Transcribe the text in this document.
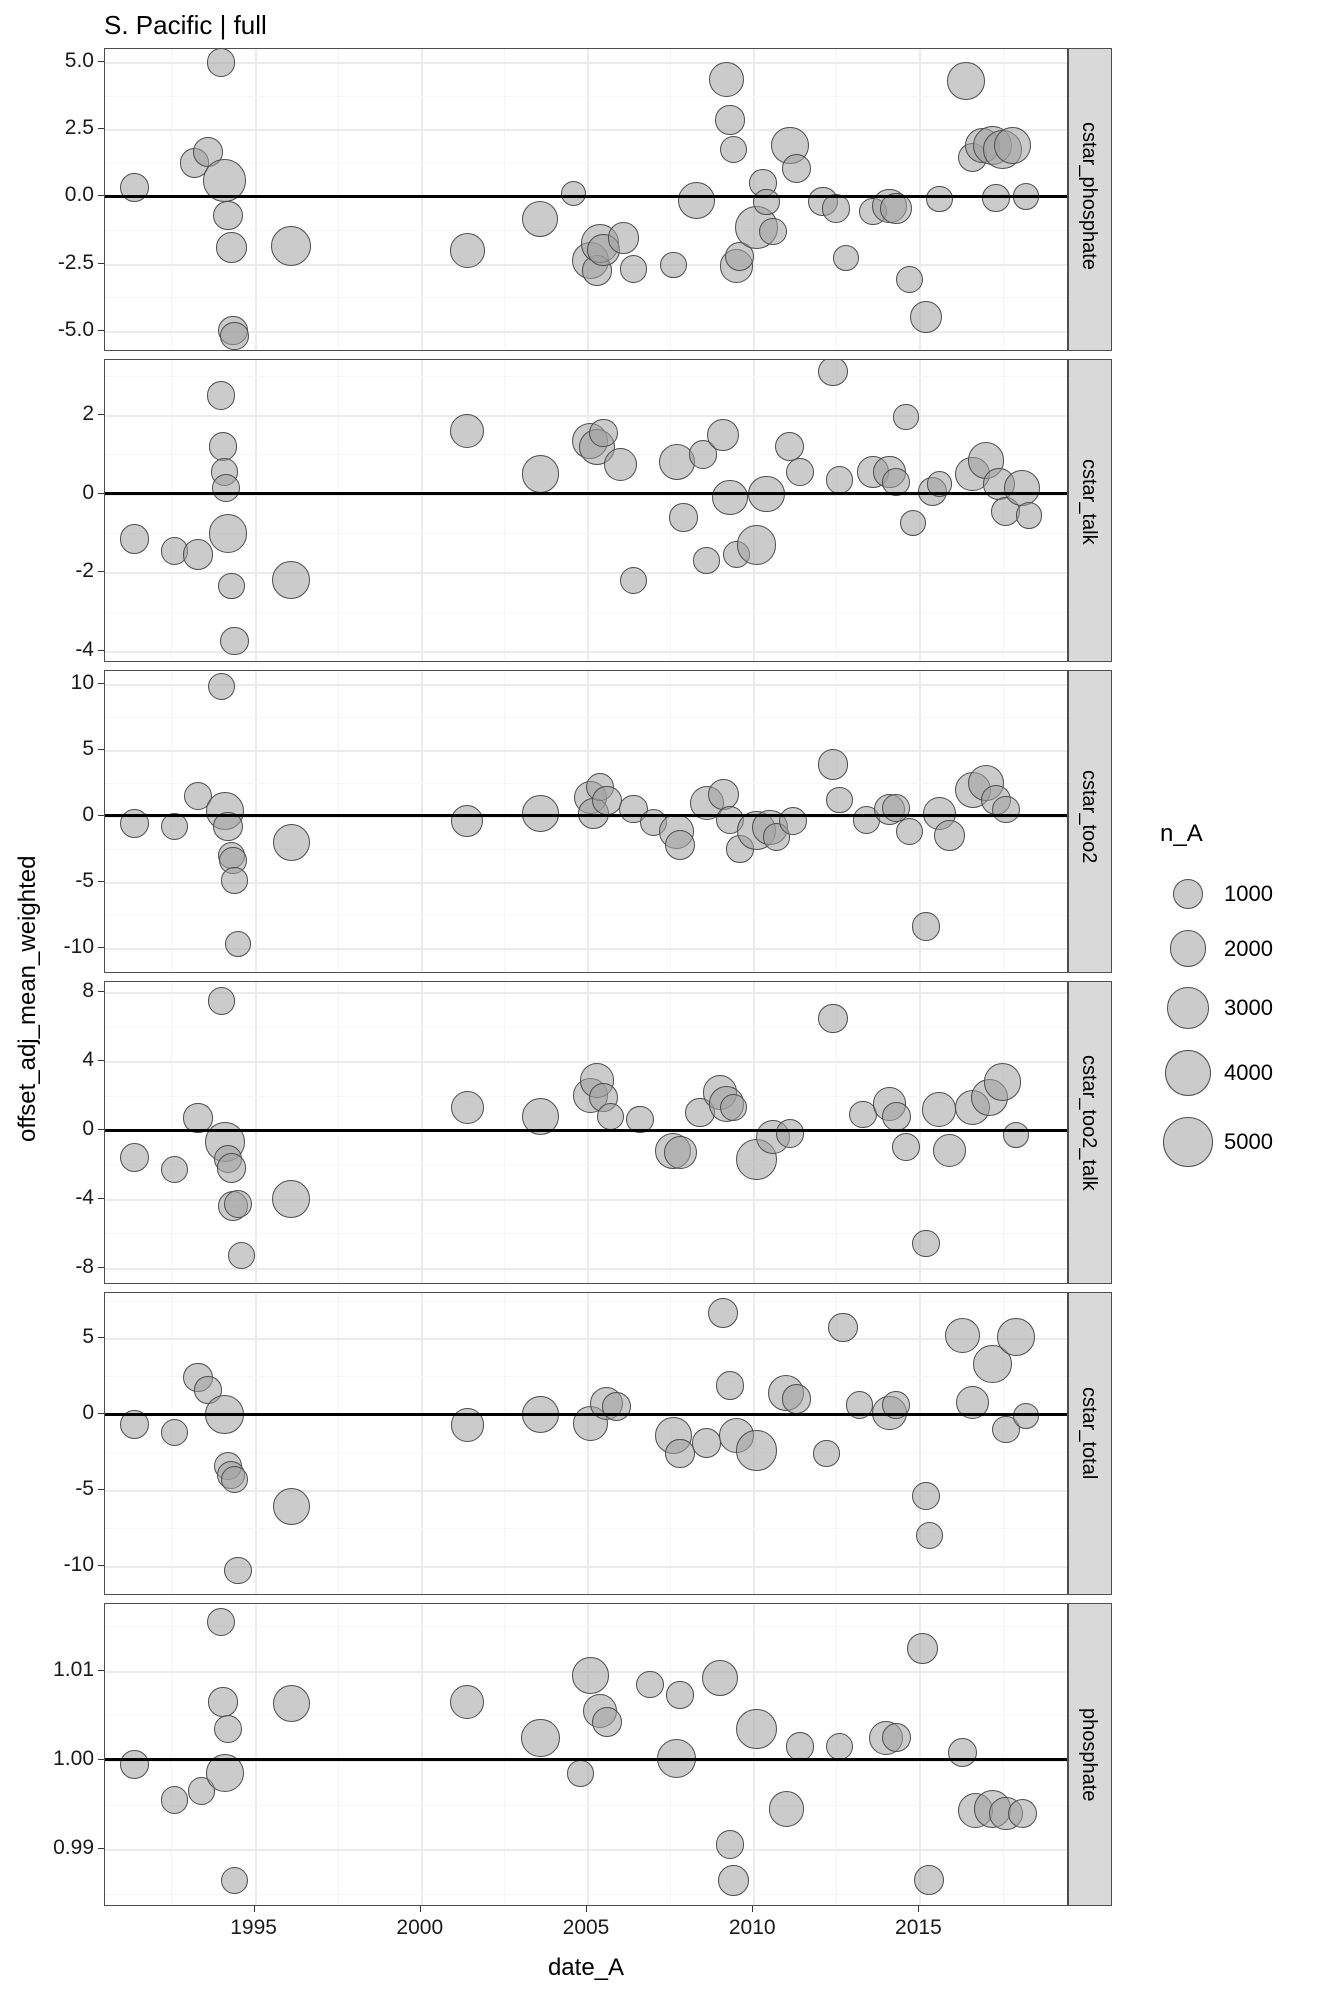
S. Pacific | full
offset_adj_mean_weighted
date_A
-5.0
-2.5
0.0
2.5
5.0
cstar_phosphate
-4
-2
0
2
cstar_talk
-10
-5
0
5
10
cstar_too2
-8
-4
0
4
8
cstar_too2_talk
-10
-5
0
5
cstar_total
0.99
1.00
1.01
phosphate
1995	2000	2005	2010	2015
n_A
1000
2000
3000
4000
5000
